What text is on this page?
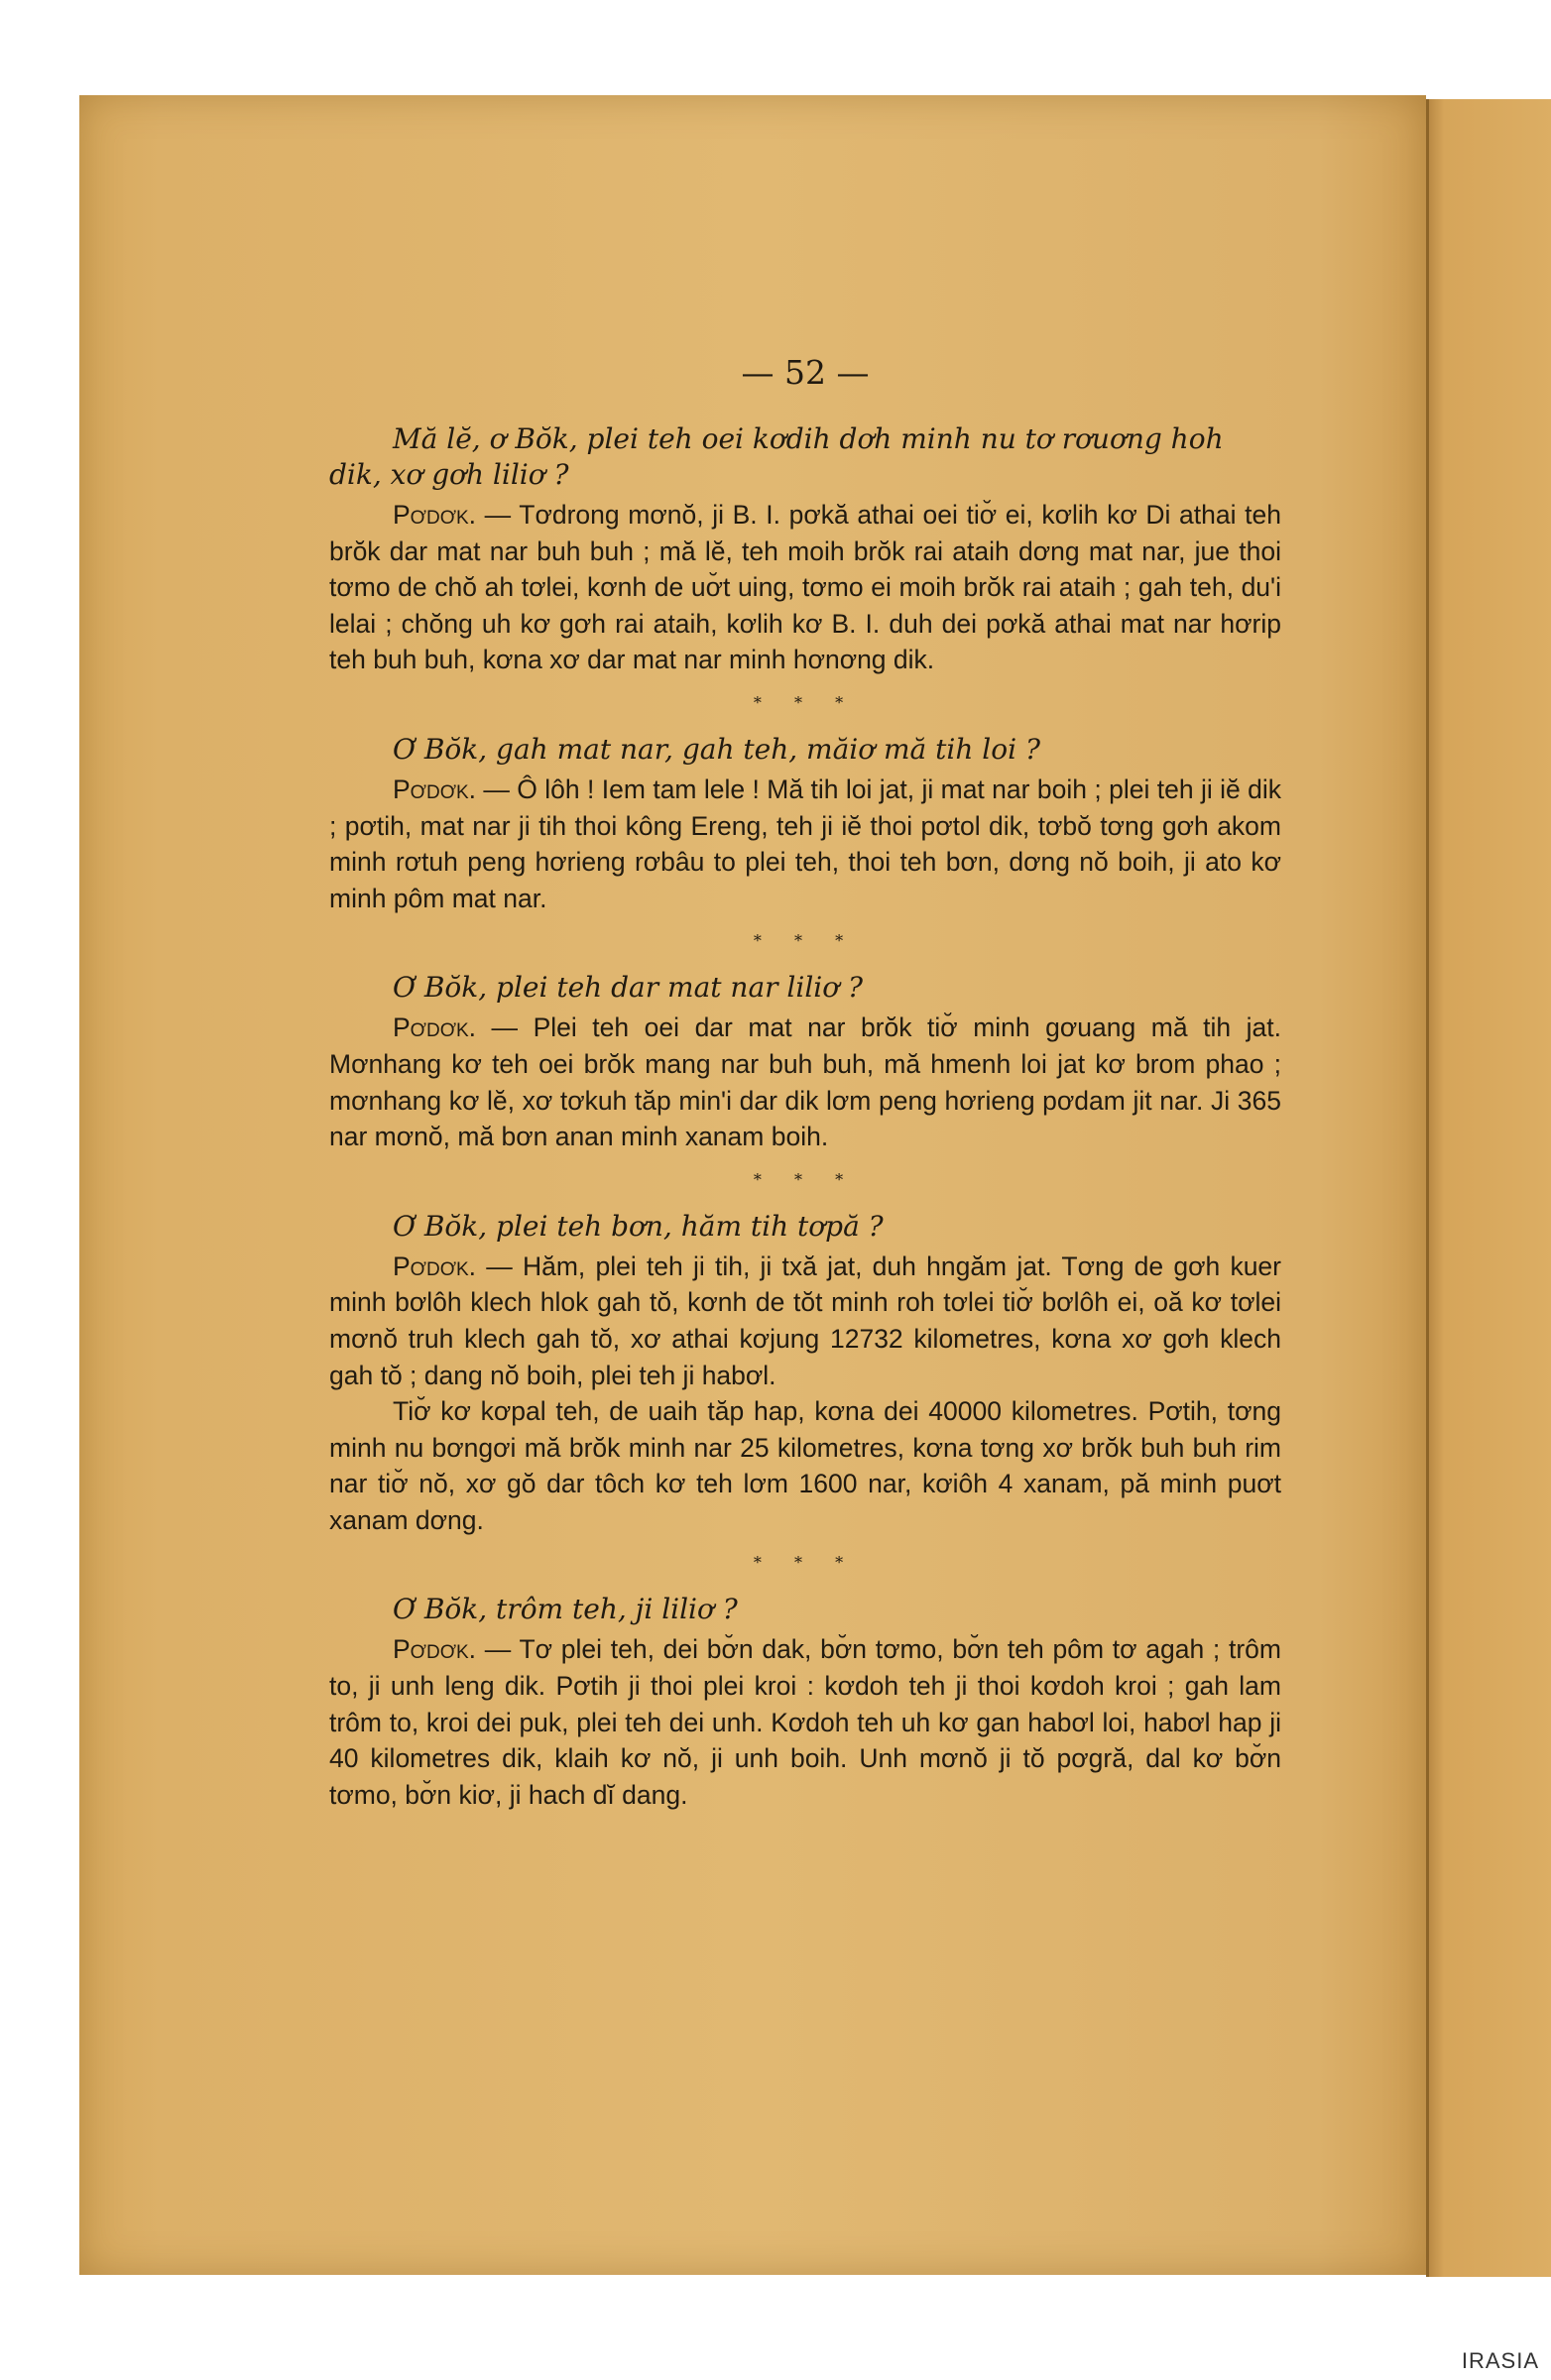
— 52 —

Mă lĕ, ơ Bŏk, plei teh oei kơdih dơh minh nu tơ rơuơng hoh dik, xơ gơh liliơ ?

Pơdơk. — Tơdrong mơnŏ, ji B. I. pơkă athai oei tiơ̆ ei, kơlih kơ Di athai teh brŏk dar mat nar buh buh ; mă lĕ, teh moih brŏk rai ataih dơng mat nar, jue thoi tơmo de chŏ ah tơlei, kơnh de uơ̆t uing, tơmo ei moih brŏk rai ataih ; gah teh, du'i lelai ; chŏng uh kơ gơh rai ataih, kơlih kơ B. I. duh dei pơkă athai mat nar hơrip teh buh buh, kơna xơ dar mat nar minh hơnơng dik.

* * *

Ơ Bŏk, gah mat nar, gah teh, măiơ mă tih loi ?

Pơdơk. — Ô lôh ! Iem tam lele ! Mă tih loi jat, ji mat nar boih ; plei teh ji iĕ dik ; pơtih, mat nar ji tih thoi kông Ereng, teh ji iĕ thoi pơtol dik, tơbŏ tơng gơh akom minh rơtuh peng hơrieng rơbâu to plei teh, thoi teh bơn, dơng nŏ boih, ji ato kơ minh pôm mat nar.

* * *

Ơ Bŏk, plei teh dar mat nar liliơ ?

Pơdơk. — Plei teh oei dar mat nar brŏk tiơ̆ minh gơuang mă tih jat. Mơnhang kơ teh oei brŏk mang nar buh buh, mă hmenh loi jat kơ brom phao ; mơnhang kơ lĕ, xơ tơkuh tăp min'i dar dik lơm peng hơrieng pơdam jit nar. Ji 365 nar mơnŏ, mă bơn anan minh xanam boih.

* * *

Ơ Bŏk, plei teh bơn, hăm tih tơpă ?

Pơdơk. — Hăm, plei teh ji tih, ji txă jat, duh hngăm jat. Tơng de gơh kuer minh bơlôh klech hlok gah tŏ, kơnh de tŏt minh roh tơlei tiơ̆ bơlôh ei, oă kơ tơlei mơnŏ truh klech gah tŏ, xơ athai kơjung 12732 kilometres, kơna xơ gơh klech gah tŏ ; dang nŏ boih, plei teh ji habơl.

Tiơ̆ kơ kơpal teh, de uaih tăp hap, kơna dei 40000 kilometres. Pơtih, tơng minh nu bơngơi mă brŏk minh nar 25 kilometres, kơna tơng xơ brŏk buh buh rim nar tiơ̆ nŏ, xơ gŏ dar tôch kơ teh lơm 1600 nar, kơiôh 4 xanam, pă minh puơt xanam dơng.

* * *

Ơ Bŏk, trôm teh, ji liliơ ?

Pơdơk. — Tơ plei teh, dei bơ̆n dak, bơ̆n tơmo, bơ̆n teh pôm tơ agah ; trôm to, ji unh leng dik. Pơtih ji thoi plei kroi : kơdoh teh ji thoi kơdoh kroi ; gah lam trôm to, kroi dei puk, plei teh dei unh. Kơdoh teh uh kơ gan habơl loi, habơl hap ji 40 kilometres dik, klaih kơ nŏ, ji unh boih. Unh mơnŏ ji tŏ pơgră, dal kơ bơ̆n tơmo, bơ̆n kiơ, ji hach dĭ dang.

IRASIA
